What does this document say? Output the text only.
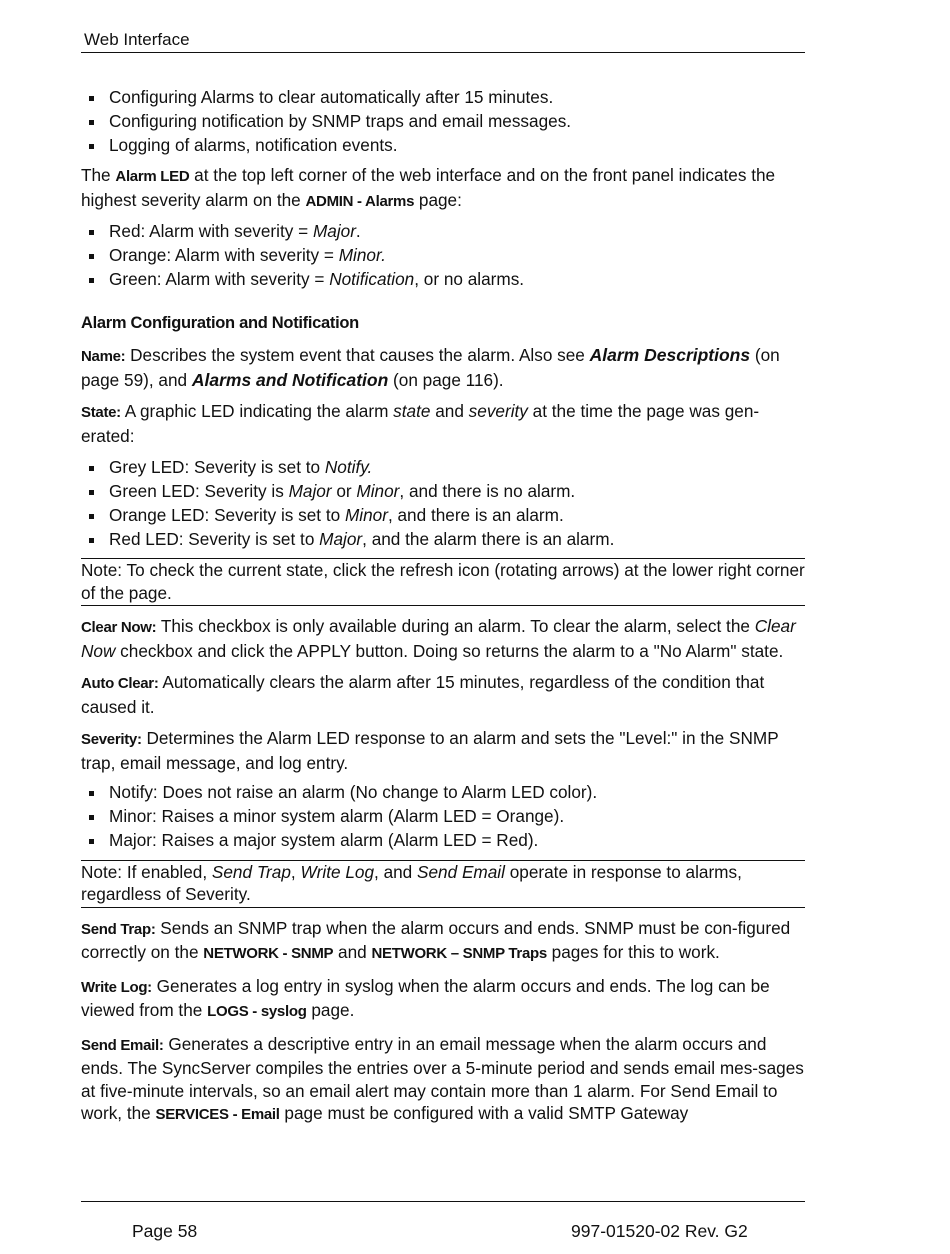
Web Interface
Configuring Alarms to clear automatically after 15 minutes.
Configuring notification by SNMP traps and email messages.
Logging of alarms, notification events.

The Alarm LED at the top left corner of the web interface and on the front panel indicates the highest severity alarm on the ADMIN - Alarms page:

Red: Alarm with severity = Major.
Orange: Alarm with severity = Minor.
Green: Alarm with severity = Notification, or no alarms.
Alarm Configuration and Notification

Name: Describes the system event that causes the alarm. Also see Alarm Descriptions (on page 59), and Alarms and Notification (on page 116).

State: A graphic LED indicating the alarm state and severity at the time the page was gen-erated:

Grey LED: Severity is set to Notify.
Green LED: Severity is Major or Minor, and there is no alarm.
Orange LED: Severity is set to Minor, and there is an alarm.
Red LED: Severity is set to Major, and the alarm there is an alarm.
Note: To check the current state, click the refresh icon (rotating arrows) at the lower right corner of the page.

Clear Now: This checkbox is only available during an alarm. To clear the alarm, select the Clear Now checkbox and click the APPLY button. Doing so returns the alarm to a "No Alarm" state.

Auto Clear: Automatically clears the alarm after 15 minutes, regardless of the condition that caused it.

Severity: Determines the Alarm LED response to an alarm and sets the "Level:" in the SNMP trap, email message, and log entry.

Notify: Does not raise an alarm (No change to Alarm LED color).
Minor: Raises a minor system alarm (Alarm LED = Orange).
Major: Raises a major system alarm (Alarm LED = Red).
Note: If enabled, Send Trap, Write Log, and Send Email operate in response to alarms, regardless of Severity.

Send Trap: Sends an SNMP trap when the alarm occurs and ends. SNMP must be con-figured correctly on the NETWORK - SNMP and NETWORK – SNMP Traps pages for this to work.

Write Log: Generates a log entry in syslog when the alarm occurs and ends. The log can be viewed from the LOGS - syslog page.

Send Email: Generates a descriptive entry in an email message when the alarm occurs and ends. The SyncServer compiles the entries over a 5-minute period and sends email mes-sages at five-minute intervals, so an email alert may contain more than 1 alarm. For Send Email to work, the SERVICES - Email page must be configured with a valid SMTP Gateway

Page 58	997-01520-02 Rev. G2
